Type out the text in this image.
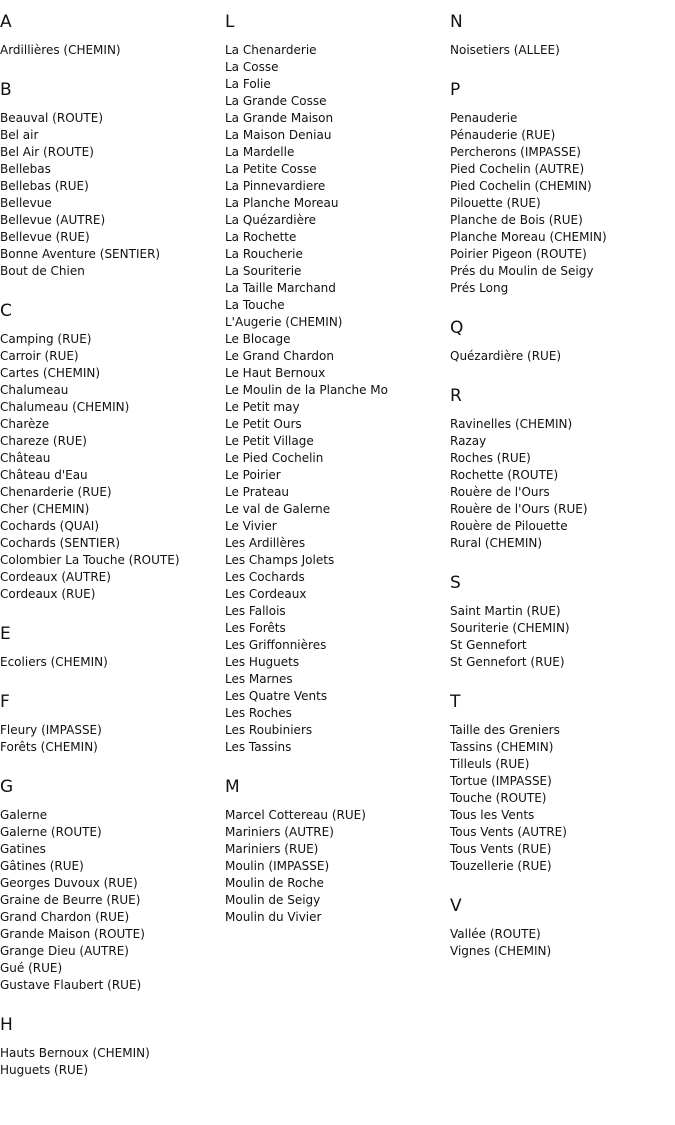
A
Ardillières (CHEMIN)
B
Beauval (ROUTE)
Bel air
Bel Air (ROUTE)
Bellebas
Bellebas (RUE)
Bellevue
Bellevue (AUTRE)
Bellevue (RUE)
Bonne Aventure (SENTIER)
Bout de Chien
C
Camping (RUE)
Carroir (RUE)
Cartes (CHEMIN)
Chalumeau
Chalumeau (CHEMIN)
Charèze
Chareze (RUE)
Château
Château d'Eau
Chenarderie (RUE)
Cher (CHEMIN)
Cochards (QUAI)
Cochards (SENTIER)
Colombier La Touche (ROUTE)
Cordeaux (AUTRE)
Cordeaux (RUE)
E
Ecoliers (CHEMIN)
F
Fleury (IMPASSE)
Forêts (CHEMIN)
G
Galerne
Galerne (ROUTE)
Gatines
Gâtines (RUE)
Georges Duvoux (RUE)
Graine de Beurre (RUE)
Grand Chardon (RUE)
Grande Maison (ROUTE)
Grange Dieu (AUTRE)
Gué (RUE)
Gustave Flaubert (RUE)
H
Hauts Bernoux (CHEMIN)
Huguets (RUE)
L
La Chenarderie
La Cosse
La Folie
La Grande Cosse
La Grande Maison
La Maison Deniau
La Mardelle
La Petite Cosse
La Pinnevardiere
La Planche Moreau
La Quézardière
La Rochette
La Roucherie
La Souriterie
La Taille Marchand
La Touche
L'Augerie (CHEMIN)
Le Blocage
Le Grand Chardon
Le Haut Bernoux
Le Moulin de la Planche Mo
Le Petit may
Le Petit Ours
Le Petit Village
Le Pied Cochelin
Le Poirier
Le Prateau
Le val de Galerne
Le Vivier
Les Ardillères
Les Champs Jolets
Les Cochards
Les Cordeaux
Les Fallois
Les Forêts
Les Griffonnières
Les Huguets
Les Marnes
Les Quatre Vents
Les Roches
Les Roubiniers
Les Tassins
M
Marcel Cottereau (RUE)
Mariniers (AUTRE)
Mariniers (RUE)
Moulin (IMPASSE)
Moulin de Roche
Moulin de Seigy
Moulin du Vivier
N
Noisetiers (ALLEE)
P
Penauderie
Pénauderie (RUE)
Percherons (IMPASSE)
Pied Cochelin (AUTRE)
Pied Cochelin (CHEMIN)
Pilouette (RUE)
Planche de Bois (RUE)
Planche Moreau (CHEMIN)
Poirier Pigeon (ROUTE)
Prés du Moulin de Seigy
Prés Long
Q
Quézardière (RUE)
R
Ravinelles (CHEMIN)
Razay
Roches (RUE)
Rochette (ROUTE)
Rouère de l'Ours
Rouère de l'Ours (RUE)
Rouère de Pilouette
Rural (CHEMIN)
S
Saint Martin (RUE)
Souriterie (CHEMIN)
St Gennefort
St Gennefort (RUE)
T
Taille des Greniers
Tassins (CHEMIN)
Tilleuls (RUE)
Tortue (IMPASSE)
Touche (ROUTE)
Tous les Vents
Tous Vents (AUTRE)
Tous Vents (RUE)
Touzellerie (RUE)
V
Vallée (ROUTE)
Vignes (CHEMIN)
